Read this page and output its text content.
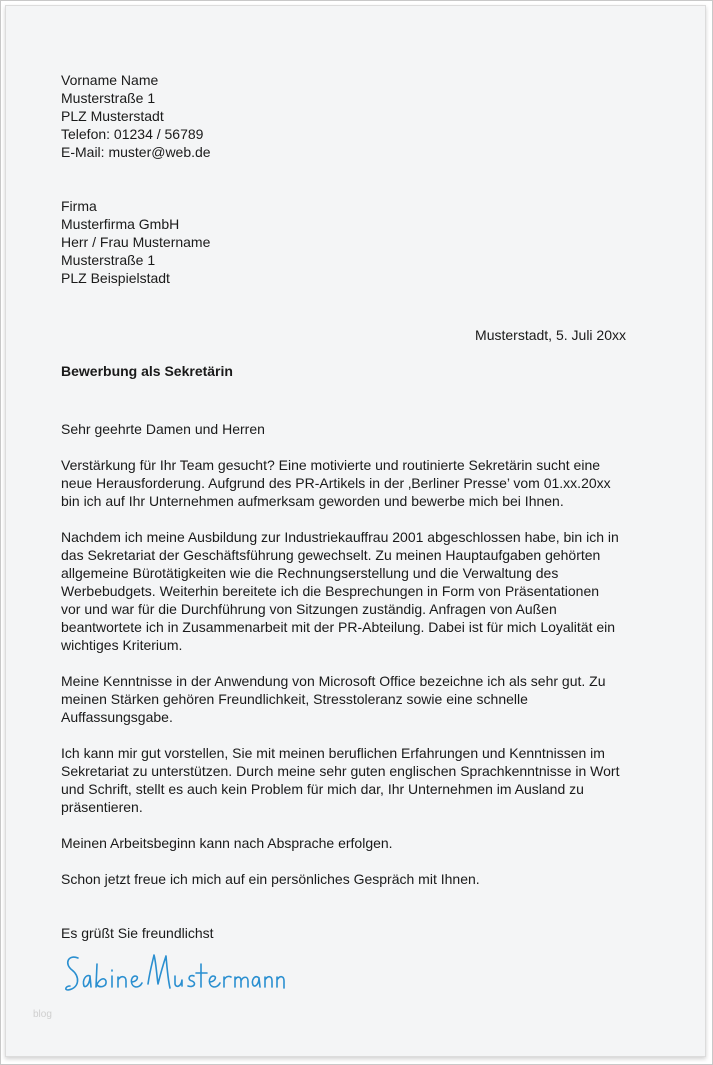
Vorname Name
Musterstraße 1
PLZ Musterstadt
Telefon: 01234 / 56789
E-Mail: muster@web.de
Firma
Musterfirma GmbH
Herr / Frau Mustername
Musterstraße 1
PLZ Beispielstadt
Musterstadt, 5. Juli 20xx
Bewerbung als Sekretärin
Sehr geehrte Damen und Herren
Verstärkung für Ihr Team gesucht? Eine motivierte und routinierte Sekretärin sucht eine
neue Herausforderung. Aufgrund des PR-Artikels in der ‚Berliner Presse’ vom 01.xx.20xx
bin ich auf Ihr Unternehmen aufmerksam geworden und bewerbe mich bei Ihnen.
Nachdem ich meine Ausbildung zur Industriekauffrau 2001 abgeschlossen habe, bin ich in
das Sekretariat der Geschäftsführung gewechselt. Zu meinen Hauptaufgaben gehörten
allgemeine Bürotätigkeiten wie die Rechnungserstellung und die Verwaltung des
Werbebudgets. Weiterhin bereitete ich die Besprechungen in Form von Präsentationen
vor und war für die Durchführung von Sitzungen zuständig. Anfragen von Außen
beantwortete ich in Zusammenarbeit mit der PR-Abteilung. Dabei ist für mich Loyalität ein
wichtiges Kriterium.
Meine Kenntnisse in der Anwendung von Microsoft Office bezeichne ich als sehr gut. Zu
meinen Stärken gehören Freundlichkeit, Stresstoleranz sowie eine schnelle
Auffassungsgabe.
Ich kann mir gut vorstellen, Sie mit meinen beruflichen Erfahrungen und Kenntnissen im
Sekretariat zu unterstützen. Durch meine sehr guten englischen Sprachkenntnisse in Wort
und Schrift, stellt es auch kein Problem für mich dar, Ihr Unternehmen im Ausland zu
präsentieren.
Meinen Arbeitsbeginn kann nach Absprache erfolgen.
Schon jetzt freue ich mich auf ein persönliches Gespräch mit Ihnen.
Es grüßt Sie freundlichst
blog
